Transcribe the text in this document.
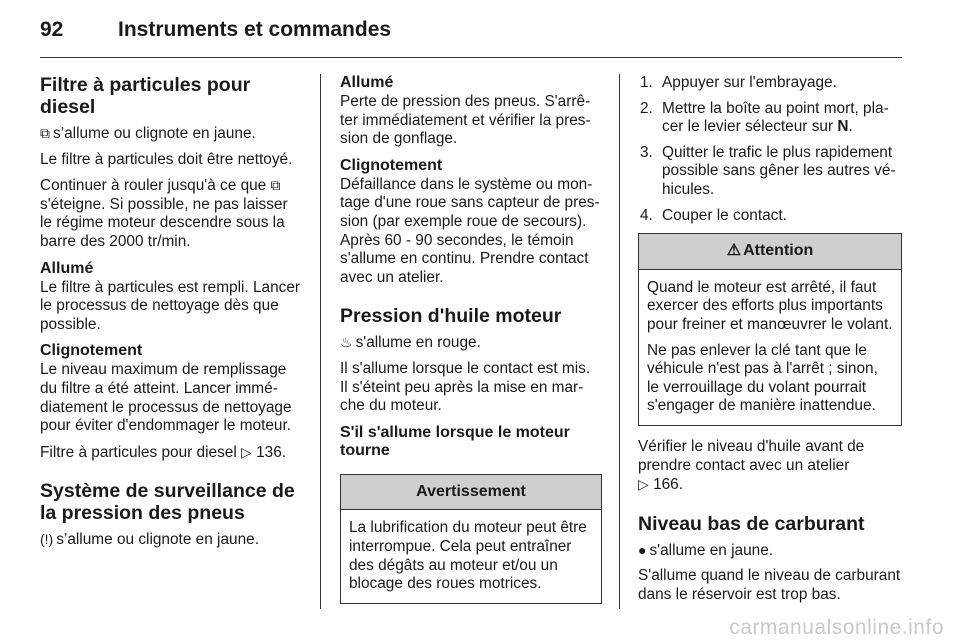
92	Instruments et commandes
Filtre à particules pour diesel

⧉ s’allume ou clignote en jaune.

Le filtre à particules doit être nettoyé.

Continuer à rouler jusqu'à ce que ⧉ s'éteigne. Si possible, ne pas laisser le régime moteur descendre sous la barre des 2000 tr/min.

Allumé

Le filtre à particules est rempli. Lancer le processus de nettoyage dès que possible.

Clignotement

Le niveau maximum de remplissage du filtre a été atteint. Lancer immédiatement le processus de nettoyage pour éviter d'endommager le moteur.

Filtre à particules pour diesel ▷ 136.

Système de surveillance de la pression des pneus

(!) s’allume ou clignote en jaune.

Allumé

Perte de pression des pneus. S'arrêter immédiatement et vérifier la pression de gonflage.

Clignotement

Défaillance dans le système ou montage d'une roue sans capteur de pression (par exemple roue de secours). Après 60 - 90 secondes, le témoin s'allume en continu. Prendre contact avec un atelier.

Pression d'huile moteur

♨ s'allume en rouge.

Il s'allume lorsque le contact est mis. Il s'éteint peu après la mise en marche du moteur.

S'il s'allume lorsque le moteur tourne
Avertissement

La lubrification du moteur peut être interrompue. Cela peut entraîner des dégâts au moteur et/ou un blocage des roues motrices.

1. Appuyer sur l'embrayage.
2. Mettre la boîte au point mort, placer le levier sélecteur sur N.
3. Quitter le trafic le plus rapidement possible sans gêner les autres véhicules.
4. Couper le contact.
⚠ Attention

Quand le moteur est arrêté, il faut exercer des efforts plus importants pour freiner et manœuvrer le volant.

Ne pas enlever la clé tant que le véhicule n'est pas à l'arrêt ; sinon, le verrouillage du volant pourrait s'engager de manière inattendue.

Vérifier le niveau d'huile avant de prendre contact avec un atelier
▷ 166.

Niveau bas de carburant

● s'allume en jaune.

S'allume quand le niveau de carburant dans le réservoir est trop bas.

carmanualsonline.info
